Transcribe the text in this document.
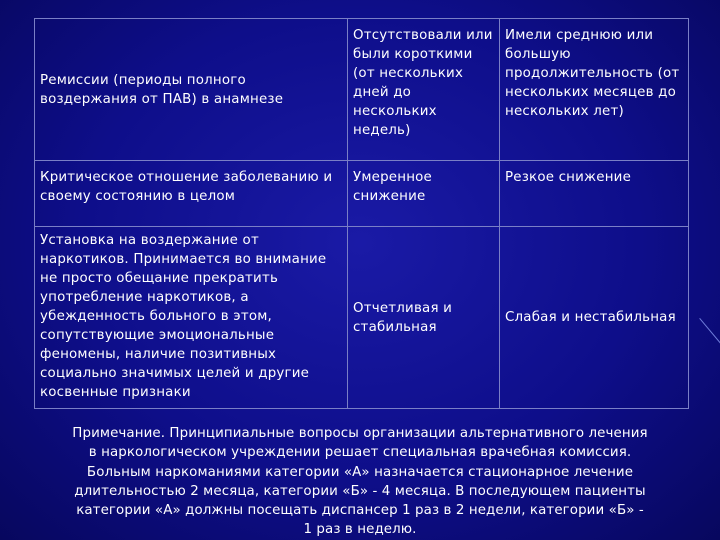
Ремиссии (периоды полного воздержания от ПАВ) в анамнезе	Отсутствовали или были короткими (от нескольких дней до нескольких недель)	Имели среднюю или большую продолжительность (от нескольких месяцев до нескольких лет)
Критическое отношение заболеванию и своему состоянию в целом	Умеренное снижение	Резкое снижение
Установка на воздержание от наркотиков. Принимается во внимание не просто обещание прекратить употребление наркотиков, а убежденность больного в этом, сопутствующие эмоциональные феномены, наличие позитивных социально значимых целей и другие косвенные признаки	Отчетливая и стабильная	Слабая и нестабильная
Примечание. Принципиальные вопросы организации альтернативного лечения
в наркологическом учреждении решает специальная врачебная комиссия.
Больным наркоманиями категории «А» назначается стационарное лечение
длительностью 2 месяца, категории «Б» - 4 месяца. В последующем пациенты
категории «А» должны посещать диспансер 1 раз в 2 недели, категории «Б» -
1 раз в неделю.
